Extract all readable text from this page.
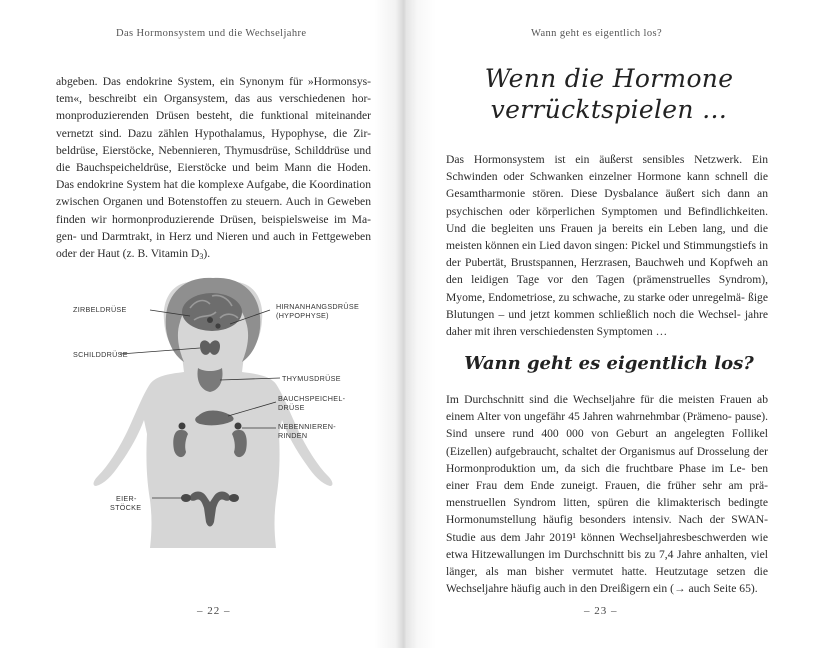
Das Hormonsystem und die Wechseljahre

abgeben. Das endokrine System, ein Synonym für »Hormonsys- tem«, beschreibt ein Organsystem, das aus verschiedenen hor- monproduzierenden Drüsen besteht, die funktional miteinander vernetzt sind. Dazu zählen Hypothalamus, Hypophyse, die Zir- beldrüse, Eierstöcke, Nebennieren, Thymusdrüse, Schilddrüse und die Bauchspeicheldrüse, Eierstöcke und beim Mann die Hoden. Das endokrine System hat die komplexe Aufgabe, die Koordination zwischen Organen und Botenstoffen zu steuern. Auch in Geweben finden wir hormonproduzierende Drüsen, beispielsweise im Ma- gen- und Darmtrakt, in Herz und Nieren und auch in Fettgeweben oder der Haut (z. B. Vitamin $D_3$).

ZIRBELDRÜSE	HIRNANHANGSDRÜSE
(HYPOPHYSE)
SCHILDDRÜSE
THYMUSDRÜSE
BAUCHSPEICHEL-
DRÜSE
NEBENNIEREN-
RINDEN
EIER-
STÖCKE
– 22 –
Wann geht es eigentlich los?
Wenn die Hormone
verrücktspielen …

Das Hormonsystem ist ein äußerst sensibles Netzwerk. Ein Schwinden oder Schwanken einzelner Hormone kann schnell die Gesamtharmonie stören. Diese Dysbalance äußert sich dann an psychischen oder körperlichen Symptomen und Befindlichkeiten. Und die begleiten uns Frauen ja bereits ein Leben lang, und die meisten können ein Lied davon singen: Pickel und Stimmungstiefs in der Pubertät, Brustspannen, Herzrasen, Bauchweh und Kopfweh an den leidigen Tage vor den Tagen (prämenstruelles Syndrom), Myome, Endometriose, zu schwache, zu starke oder unregelmä- ßige Blutungen – und jetzt kommen schließlich noch die Wechsel- jahre daher mit ihren verschiedensten Symptomen …

Wann geht es eigentlich los?

Im Durchschnitt sind die Wechseljahre für die meisten Frauen ab einem Alter von ungefähr 45 Jahren wahrnehmbar (Prämeno- pause). Sind unsere rund 400 000 von Geburt an angelegten Follikel (Eizellen) aufgebraucht, schaltet der Organismus auf Drosselung der Hormonproduktion um, da sich die fruchtbare Phase im Le- ben einer Frau dem Ende zuneigt. Frauen, die früher sehr am prä- menstruellen Syndrom litten, spüren die klimakterisch bedingte Hormonumstellung häufig besonders intensiv. Nach der SWAN- Studie aus dem Jahr 2019¹ können Wechseljahresbeschwerden wie etwa Hitzewallungen im Durchschnitt bis zu 7,4 Jahre anhalten, viel länger, als man bisher vermutet hatte. Heutzutage setzen die Wechseljahre häufig auch in den Dreißigern ein (→ auch Seite 65).

– 23 –
